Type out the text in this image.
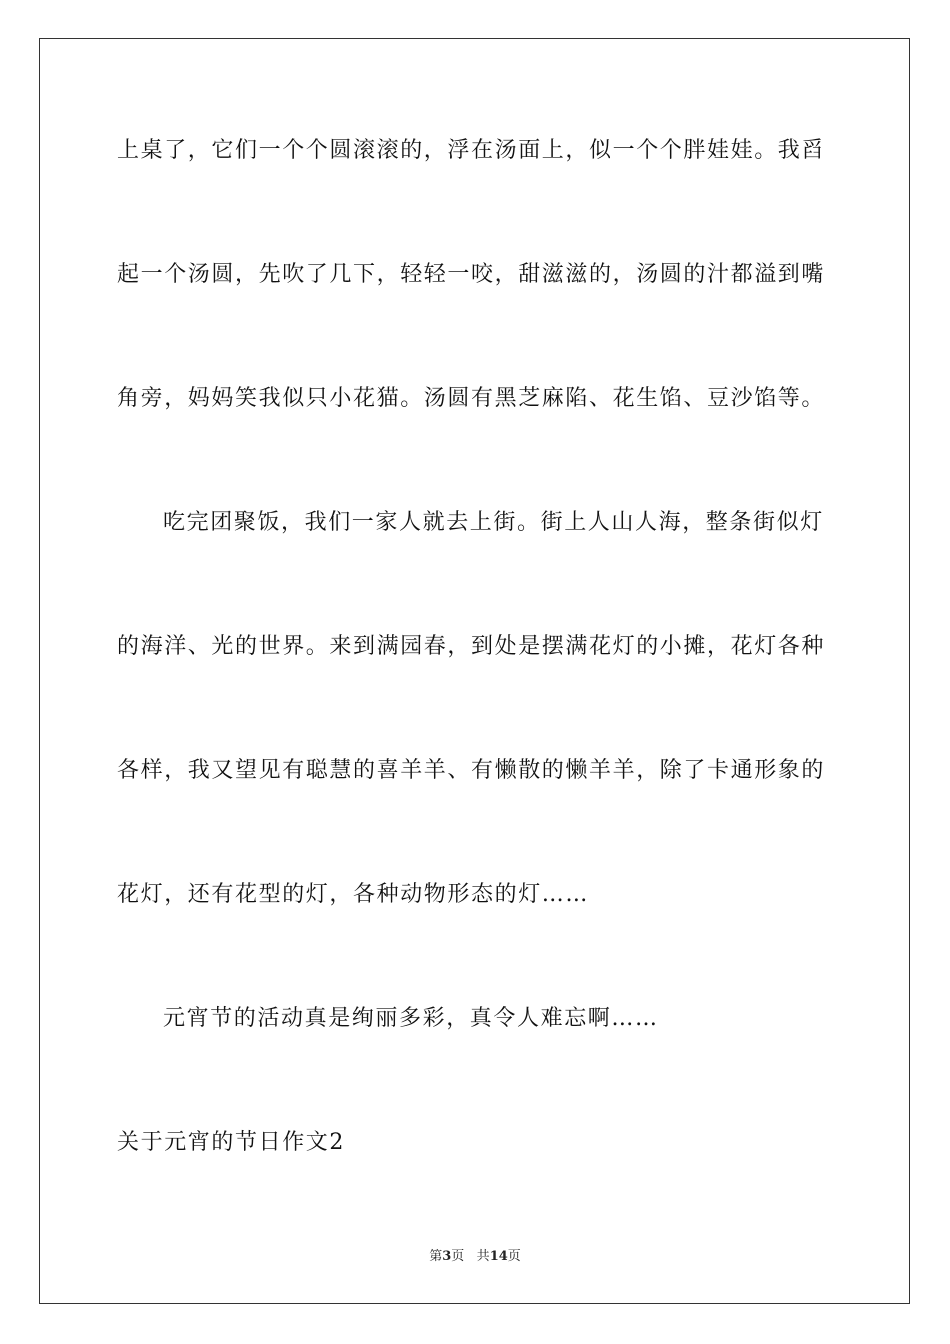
上桌了，它们一个个圆滚滚的，浮在汤面上，似一个个胖娃娃。我舀
起一个汤圆，先吹了几下，轻轻一咬，甜滋滋的，汤圆的汁都溢到嘴
角旁，妈妈笑我似只小花猫。汤圆有黑芝麻陷、花生馅、豆沙馅等。
吃完团聚饭，我们一家人就去上街。街上人山人海，整条街似灯
的海洋、光的世界。来到满园春，到处是摆满花灯的小摊，花灯各种
各样，我又望见有聪慧的喜羊羊、有懒散的懒羊羊，除了卡通形象的
花灯，还有花型的灯，各种动物形态的灯……
元宵节的活动真是绚丽多彩，真令人难忘啊……
关于元宵的节日作文2
第3页 共14页
